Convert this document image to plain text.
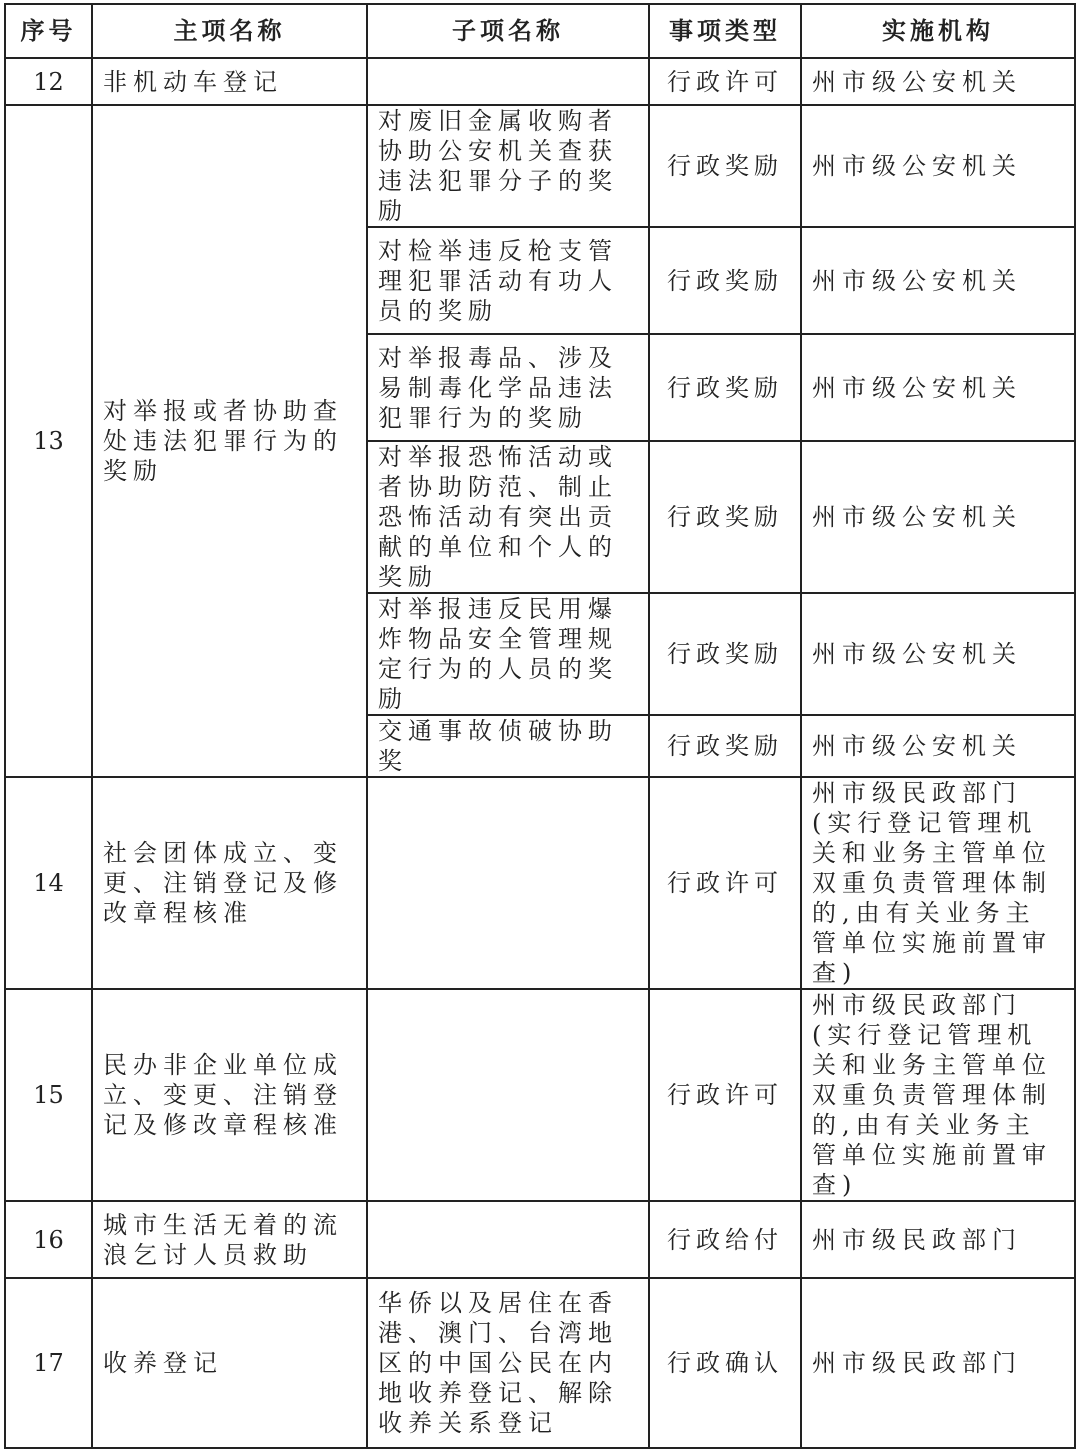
序号	主项名称	子项名称	事项类型	实施机构
12	非机动车登记		行政许可	州市级公安机关
13	对举报或者协助查处违法犯罪行为的奖励	对废旧金属收购者协助公安机关查获违法犯罪分子的奖励	行政奖励	州市级公安机关
		对检举违反枪支管理犯罪活动有功人员的奖励	行政奖励	州市级公安机关
		对举报毒品、涉及易制毒化学品违法犯罪行为的奖励	行政奖励	州市级公安机关
		对举报恐怖活动或者协助防范、制止恐怖活动有突出贡献的单位和个人的奖励	行政奖励	州市级公安机关
		对举报违反民用爆炸物品安全管理规定行为的人员的奖励	行政奖励	州市级公安机关
		交通事故侦破协助奖	行政奖励	州市级公安机关
14	社会团体成立、变更、注销登记及修改章程核准		行政许可	州市级民政部门(实行登记管理机关和业务主管单位双重负责管理体制的,由有关业务主管单位实施前置审查)
15	民办非企业单位成立、变更、注销登记及修改章程核准		行政许可	州市级民政部门(实行登记管理机关和业务主管单位双重负责管理体制的,由有关业务主管单位实施前置审查)
16	城市生活无着的流浪乞讨人员救助		行政给付	州市级民政部门
17	收养登记	华侨以及居住在香港、澳门、台湾地区的中国公民在内地收养登记、解除收养关系登记	行政确认	州市级民政部门
